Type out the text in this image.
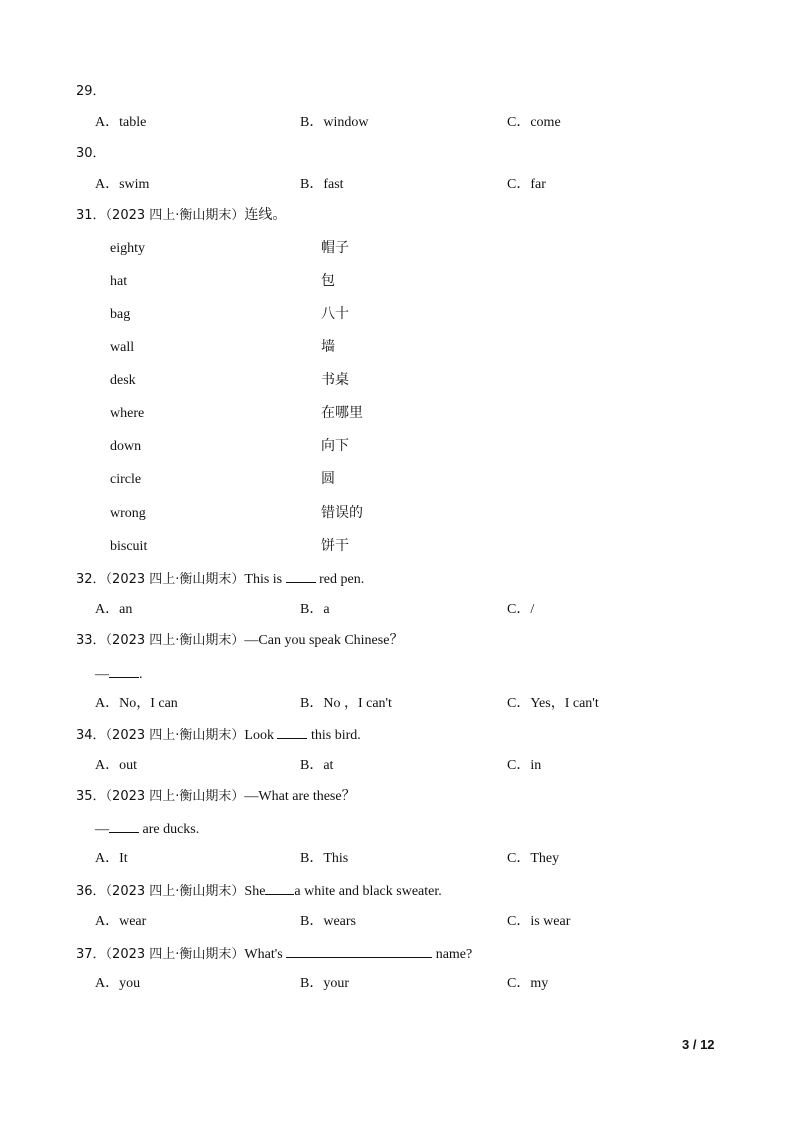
29．
A．table	B．window	C．come
30．
A．swim	B．fast	C．far
31．（2023 四上·衡山期末）连线。
eighty	帽子
hat	包
bag	八十
wall	墙
desk	书桌
where	在哪里
down	向下
circle	圆
wrong	错误的
biscuit	饼干
32．（2023 四上·衡山期末）This is  red pen.
A．an	B．a	C．/
33．（2023 四上·衡山期末）—Can you speak Chinese？
— .
A．No，I can	B．No ，I can't	C．Yes，I can't
34．（2023 四上·衡山期末）Look  this bird.
A．out	B．at	C．in
35．（2023 四上·衡山期末）—What are these？
— are ducks.
A．It	B．This	C．They
36．（2023 四上·衡山期末）She a white and black sweater.
A．wear	B．wears	C．is wear
37．（2023 四上·衡山期末）What's	name?
A．you	B．your	C．my
3 / 12
